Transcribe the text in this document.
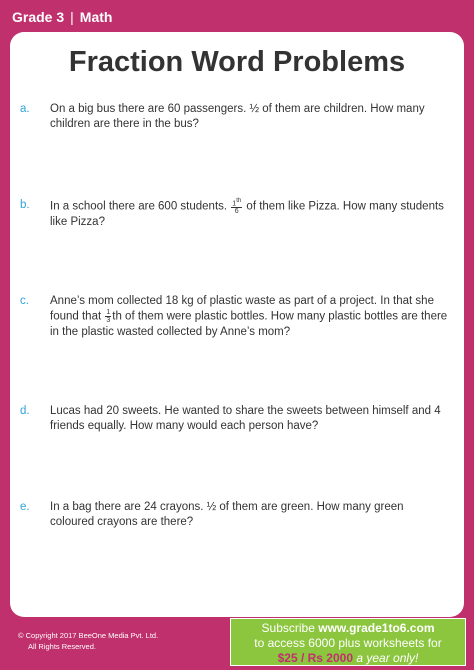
Grade 3 | Math
Fraction Word Problems
a.	On a big bus there are 60 passengers. ½ of them are children. How many children are there in the bus?
b.	In a school there are 600 students. $\frac{1th}{6}$ of them like Pizza. How many students like Pizza?
c.	Anne’s mom collected 18 kg of plastic waste as part of a project. In that she found that $\frac{1}{3}$ th of them were plastic bottles. How many plastic bottles are there in the plastic wasted collected by Anne’s mom?
d.	Lucas had 20 sweets. He wanted to share the sweets between himself and 4 friends equally. How many would each person have?
e.	In a bag there are 24 crayons. ½ of them are green. How many green coloured crayons are there?
© Copyright 2017 BeeOne Media Pvt. Ltd.
All Rights Reserved.
Subscribe www.grade1to6.com
to access 6000 plus worksheets for
$25 / Rs 2000 a year only!
